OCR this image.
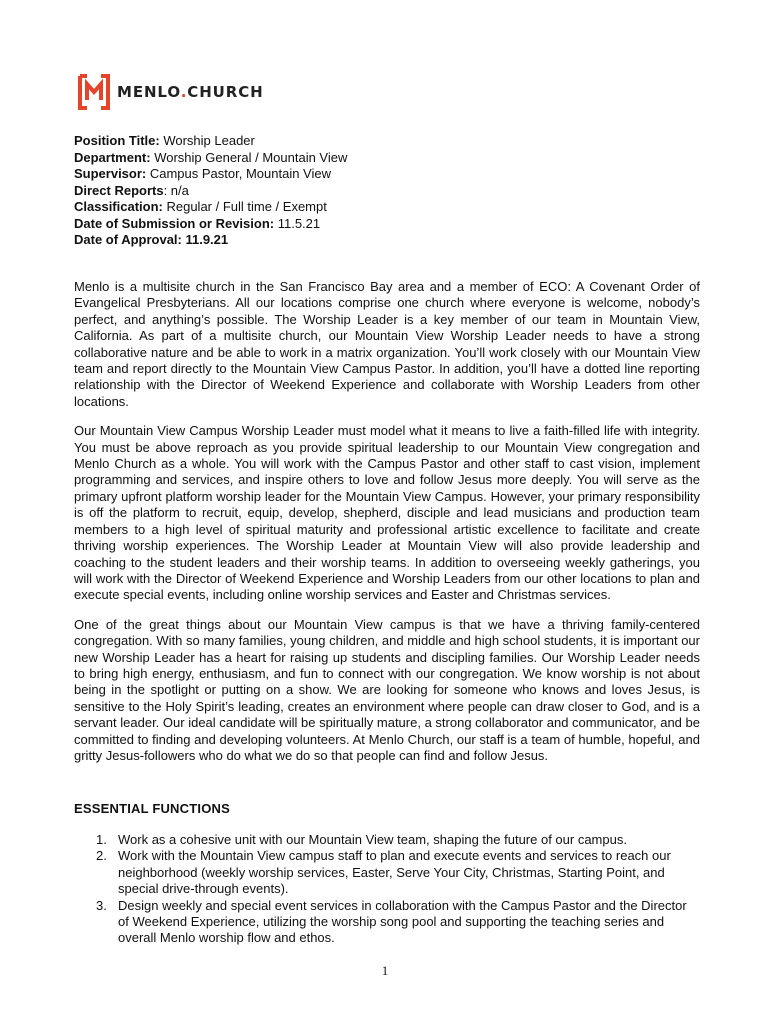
MENLO.CHURCH
Position Title: Worship Leader
Department: Worship General / Mountain View
Supervisor: Campus Pastor, Mountain View
Direct Reports: n/a
Classification: Regular / Full time / Exempt
Date of Submission or Revision: 11.5.21
Date of Approval: 11.9.21

Menlo is a multisite church in the San Francisco Bay area and a member of ECO: A Covenant Order of Evangelical Presbyterians. All our locations comprise one church where everyone is welcome, nobody’s perfect, and anything’s possible. The Worship Leader is a key member of our team in Mountain View, California. As part of a multisite church, our Mountain View Worship Leader needs to have a strong collaborative nature and be able to work in a matrix organization. You’ll work closely with our Mountain View team and report directly to the Mountain View Campus Pastor. In addition, you’ll have a dotted line reporting relationship with the Director of Weekend Experience and collaborate with Worship Leaders from other locations.

Our Mountain View Campus Worship Leader must model what it means to live a faith-filled life with integrity. You must be above reproach as you provide spiritual leadership to our Mountain View congregation and Menlo Church as a whole. You will work with the Campus Pastor and other staff to cast vision, implement programming and services, and inspire others to love and follow Jesus more deeply. You will serve as the primary upfront platform worship leader for the Mountain View Campus. However, your primary responsibility is off the platform to recruit, equip, develop, shepherd, disciple and lead musicians and production team members to a high level of spiritual maturity and professional artistic excellence to facilitate and create thriving worship experiences. The Worship Leader at Mountain View will also provide leadership and coaching to the student leaders and their worship teams. In addition to overseeing weekly gatherings, you will work with the Director of Weekend Experience and Worship Leaders from our other locations to plan and execute special events, including online worship services and Easter and Christmas services.

One of the great things about our Mountain View campus is that we have a thriving family-centered congregation. With so many families, young children, and middle and high school students, it is important our new Worship Leader has a heart for raising up students and discipling families. Our Worship Leader needs to bring high energy, enthusiasm, and fun to connect with our congregation. We know worship is not about being in the spotlight or putting on a show. We are looking for someone who knows and loves Jesus, is sensitive to the Holy Spirit’s leading, creates an environment where people can draw closer to God, and is a servant leader. Our ideal candidate will be spiritually mature, a strong collaborator and communicator, and be committed to finding and developing volunteers. At Menlo Church, our staff is a team of humble, hopeful, and gritty Jesus-followers who do what we do so that people can find and follow Jesus.

ESSENTIAL FUNCTIONS
1. Work as a cohesive unit with our Mountain View team, shaping the future of our campus.
2. Work with the Mountain View campus staff to plan and execute events and services to reach our neighborhood (weekly worship services, Easter, Serve Your City, Christmas, Starting Point, and special drive-through events).
3. Design weekly and special event services in collaboration with the Campus Pastor and the Director of Weekend Experience, utilizing the worship song pool and supporting the teaching series and overall Menlo worship flow and ethos.
1
